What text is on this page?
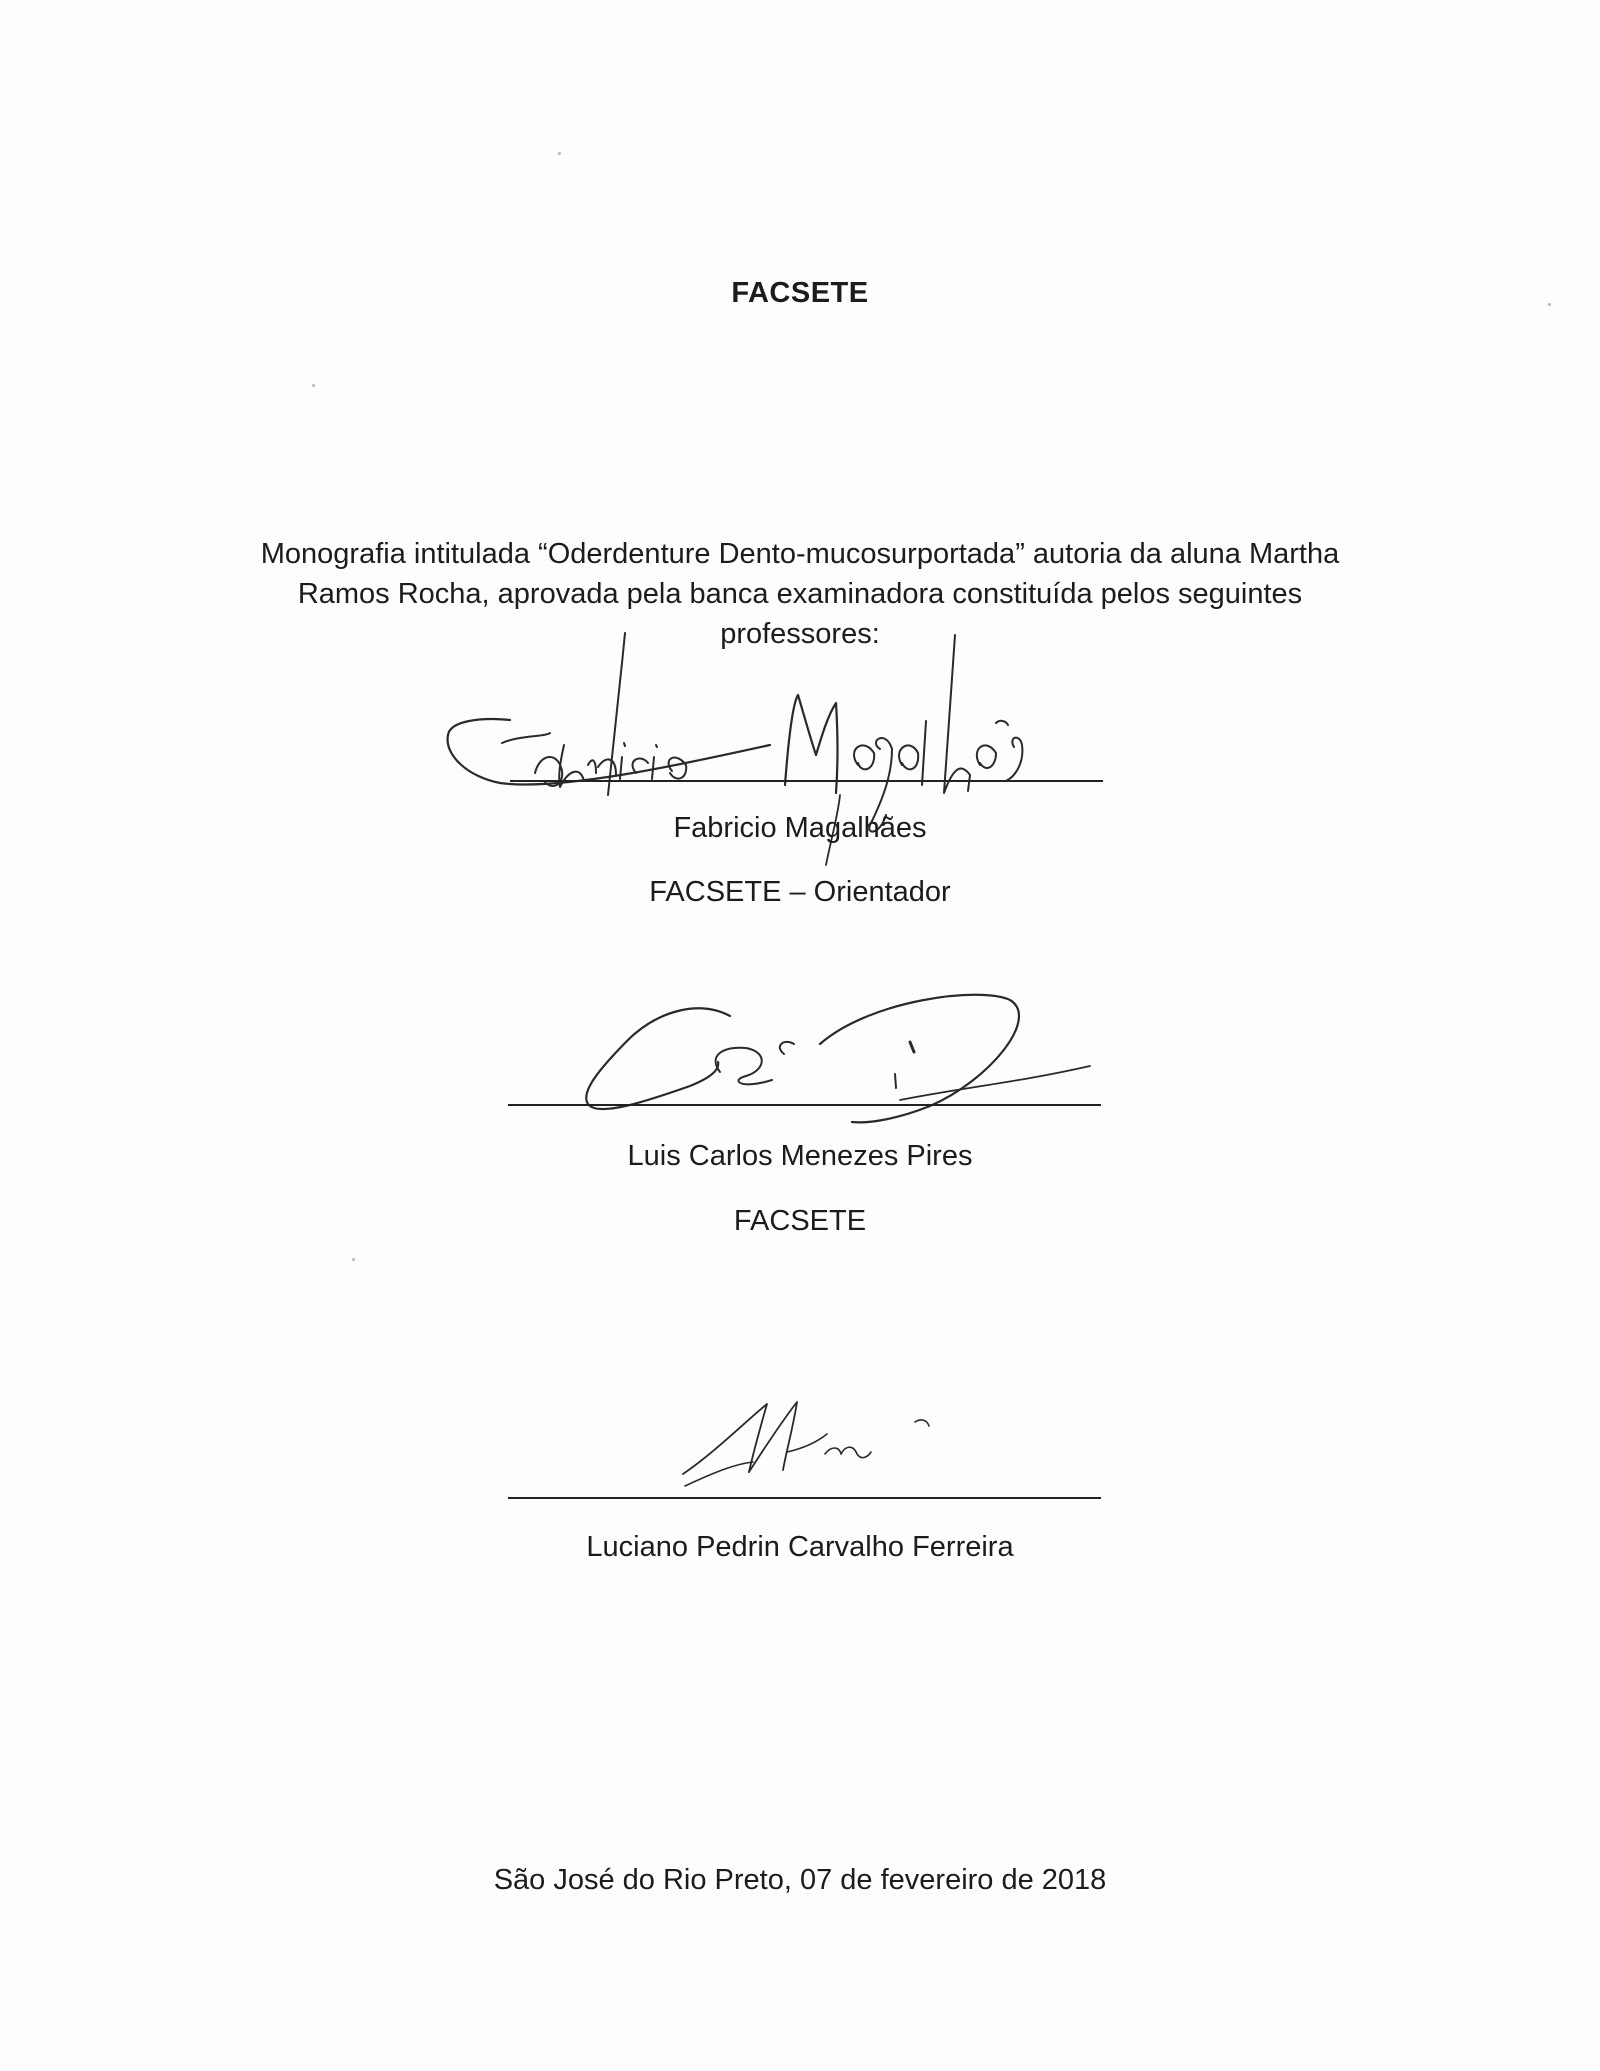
FACSETE

Monografia intitulada “Oderdenture Dento-mucosurportada” autoria da aluna Martha
Ramos Rocha, aprovada pela banca examinadora constituída pelos seguintes
professores:

Fabricio Magalhães

FACSETE – Orientador

Luis Carlos Menezes Pires

FACSETE

Luciano Pedrin Carvalho Ferreira

São José do Rio Preto, 07 de fevereiro de 2018
